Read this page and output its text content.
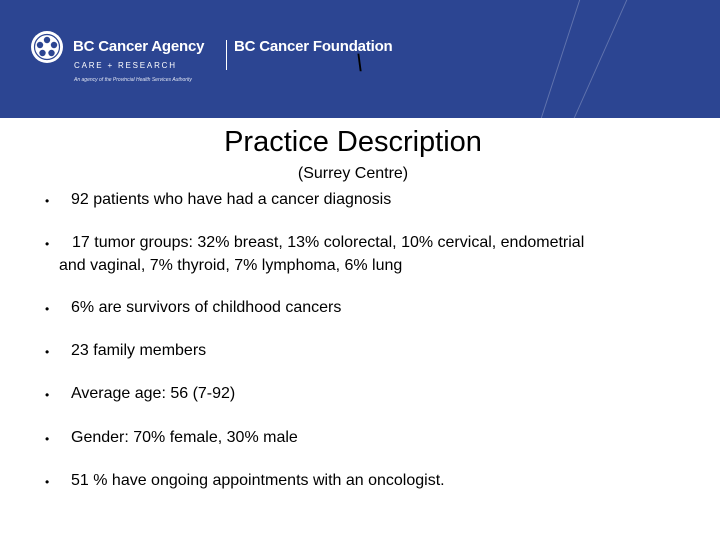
BC Cancer Agency
CARE + RESEARCH
An agency of the Provincial Health Services Authority
BC Cancer Foundation
\
Practice Description
(Surrey Centre)
• 92 patients who have had a cancer diagnosis
• 17 tumor groups: 32% breast, 13% colorectal, 10% cervical, endometrial
and vaginal, 7% thyroid, 7% lymphoma, 6% lung
• 6% are survivors of childhood cancers
• 23 family members
• Average age: 56 (7-92)
• Gender: 70% female, 30% male
• 51 % have ongoing appointments with an oncologist.
